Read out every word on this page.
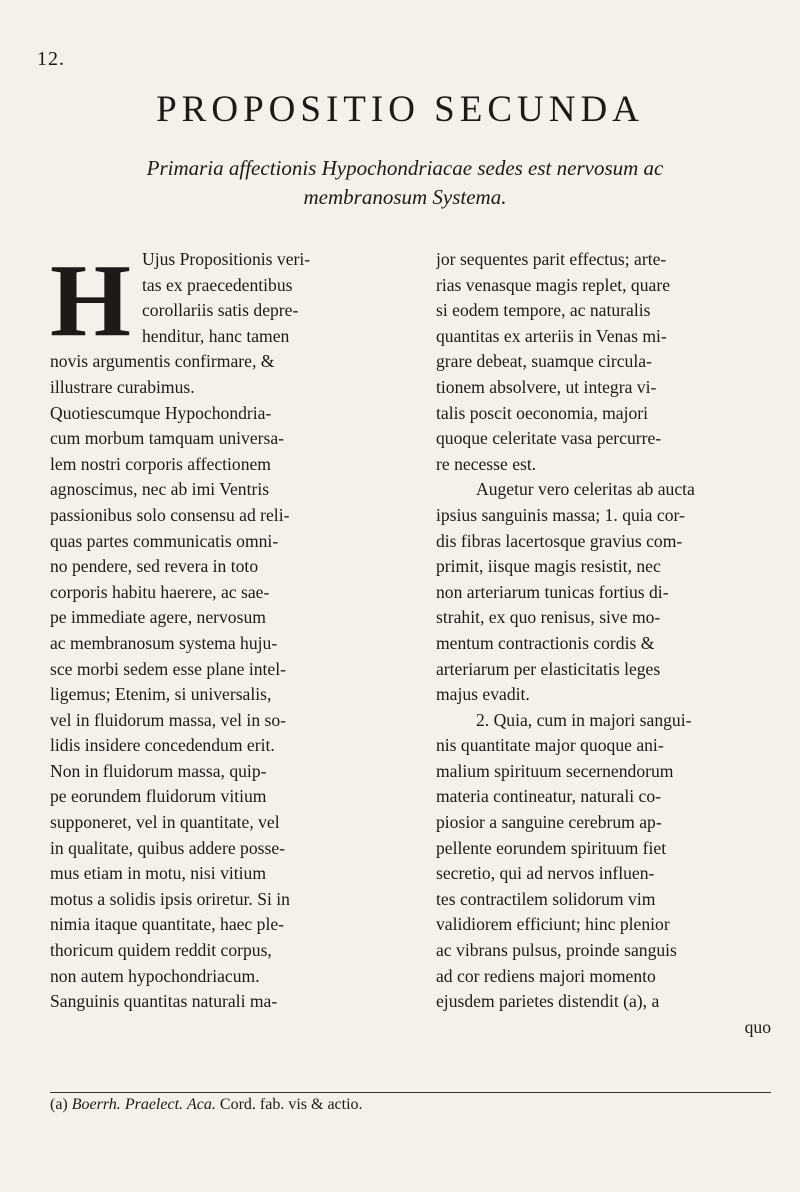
12.
PROPOSITIO SECUNDA
Primaria affectionis Hypochondriacae sedes est nervosum ac
membranosum Systema.
H Ujus Propositionis veri-
tas ex praecedentibus
corollariis satis depre-
henditur, hanc tamen
novis argumentis confirmare, &
illustrare curabimus.
Quotiescumque Hypochondria-
cum morbum tamquam universa-
lem nostri corporis affectionem
agnoscimus, nec ab imi Ventris
passionibus solo consensu ad reli-
quas partes communicatis omni-
no pendere, sed revera in toto
corporis habitu haerere, ac sae-
pe immediate agere, nervosum
ac membranosum systema huju-
sce morbi sedem esse plane intel-
ligemus; Etenim, si universalis,
vel in fluidorum massa, vel in so-
lidis insidere concedendum erit.
Non in fluidorum massa, quip-
pe eorundem fluidorum vitium
supponeret, vel in quantitate, vel
in qualitate, quibus addere posse-
mus etiam in motu, nisi vitium
motus a solidis ipsis oriretur. Si in
nimia itaque quantitate, haec ple-
thoricum quidem reddit corpus,
non autem hypochondriacum.
Sanguinis quantitas naturali ma-
jor sequentes parit effectus; arte-
rias venasque magis replet, quare
si eodem tempore, ac naturalis
quantitas ex arteriis in Venas mi-
grare debeat, suamque circula-
tionem absolvere, ut integra vi-
talis poscit oeconomia, majori
quoque celeritate vasa percurre-
re necesse est.
Augetur vero celeritas ab aucta
ipsius sanguinis massa; 1. quia cor-
dis fibras lacertosque gravius com-
primit, iisque magis resistit, nec
non arteriarum tunicas fortius di-
strahit, ex quo renisus, sive mo-
mentum contractionis cordis &
arteriarum per elasticitatis leges
majus evadit.
2. Quia, cum in majori sangui-
nis quantitate major quoque ani-
malium spirituum secernendorum
materia contineatur, naturali co-
piosior a sanguine cerebrum ap-
pellente eorundem spirituum fiet
secretio, qui ad nervos influen-
tes contractilem solidorum vim
validiorem efficiunt; hinc plenior
ac vibrans pulsus, proinde sanguis
ad cor rediens majori momento
ejusdem parietes distendit (a), a
quo
(a) Boerrh. Praelect. Aca. Cord. fab. vis & actio.
